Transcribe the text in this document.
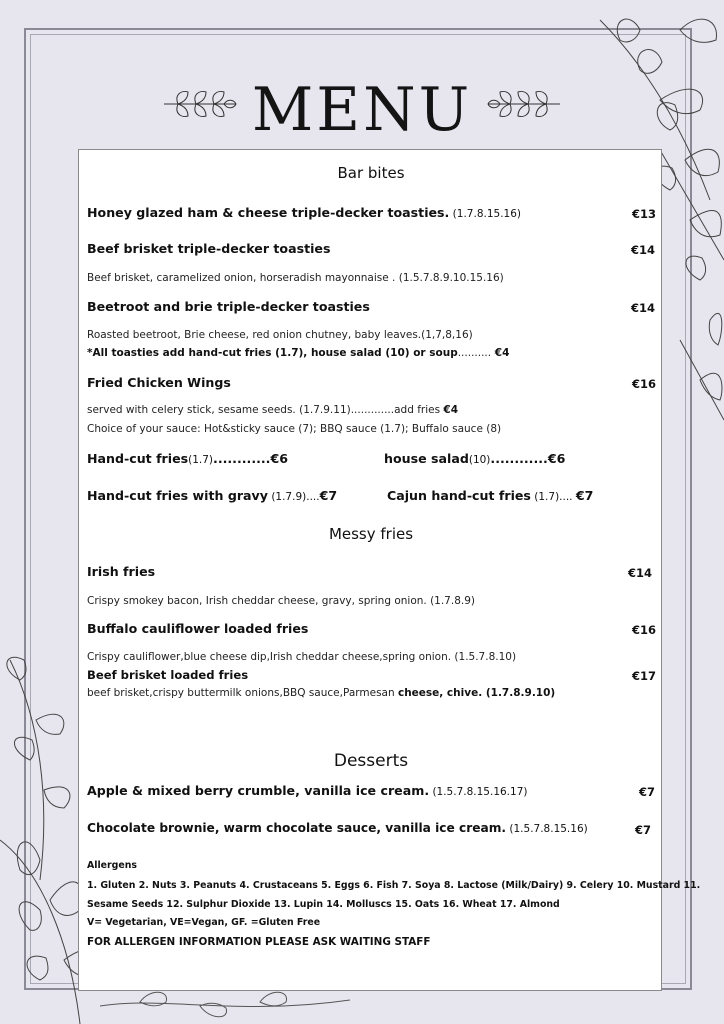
MENU
Bar bites
Honey glazed ham & cheese triple-decker toasties. (1.7.8.15.16)	€13
Beef brisket triple-decker toasties	€14
Beef brisket, caramelized onion, horseradish mayonnaise . (1.5.7.8.9.10.15.16)
Beetroot and brie triple-decker toasties	€14
Roasted beetroot, Brie cheese, red onion chutney, baby leaves.(1,7,8,16)
*All toasties add hand-cut fries (1.7), house salad (10) or soup.......... €4
Fried Chicken Wings	€16
served with celery stick, sesame seeds. (1.7.9.11).............add fries €4
Choice of your sauce: Hot&sticky sauce (7); BBQ sauce (1.7); Buffalo sauce (8)
Hand-cut fries(1.7)............€6	house salad(10)............€6
Hand-cut fries with gravy (1.7.9)....€7	Cajun hand-cut fries (1.7).... €7
Messy fries
Irish fries	€14
Crispy smokey bacon, Irish cheddar cheese, gravy, spring onion. (1.7.8.9)
Buffalo cauliflower loaded fries	€16
Crispy cauliflower,blue cheese dip,Irish cheddar cheese,spring onion. (1.5.7.8.10)
Beef brisket loaded fries	€17
beef brisket,crispy buttermilk onions,BBQ sauce,Parmesan cheese, chive. (1.7.8.9.10)
Desserts
Apple & mixed berry crumble, vanilla ice cream. (1.5.7.8.15.16.17)	€7
Chocolate brownie, warm chocolate sauce, vanilla ice cream. (1.5.7.8.15.16)	€7
Allergens
1. Gluten 2. Nuts 3. Peanuts 4. Crustaceans 5. Eggs 6. Fish 7. Soya 8. Lactose (Milk/Dairy) 9. Celery 10. Mustard 11.
Sesame Seeds 12. Sulphur Dioxide 13. Lupin 14. Molluscs 15. Oats 16. Wheat 17. Almond
V= Vegetarian, VE=Vegan, GF. =Gluten Free
FOR ALLERGEN INFORMATION PLEASE ASK WAITING STAFF
